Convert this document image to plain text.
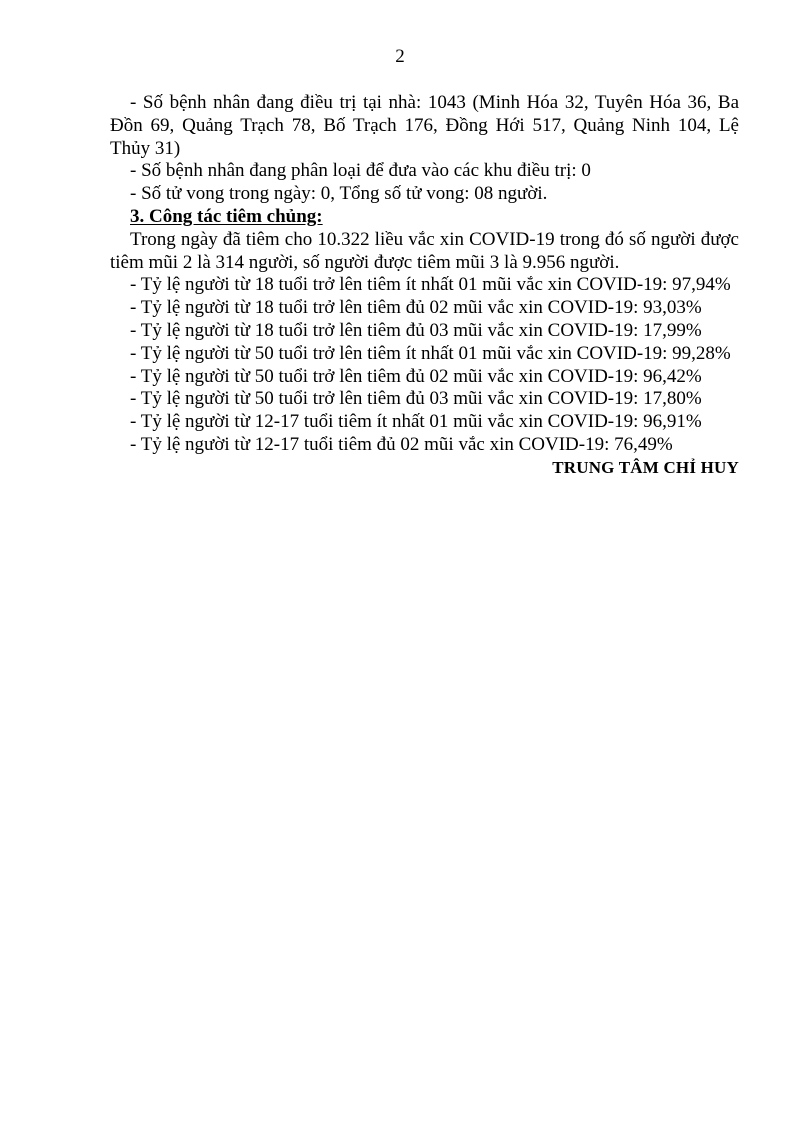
2

- Số bệnh nhân đang điều trị tại nhà: 1043 (Minh Hóa 32, Tuyên Hóa 36, Ba Đồn 69, Quảng Trạch 78, Bố Trạch 176, Đồng Hới 517, Quảng Ninh 104, Lệ Thủy 31)

- Số bệnh nhân đang phân loại để đưa vào các khu điều trị: 0

- Số tử vong trong ngày: 0, Tổng số tử vong: 08 người.

3. Công tác tiêm chủng:

Trong ngày đã tiêm cho 10.322 liều vắc xin COVID-19 trong đó số người được tiêm mũi 2 là 314 người, số người được tiêm mũi 3 là 9.956 người.

- Tỷ lệ người từ 18 tuổi trở lên tiêm ít nhất 01 mũi vắc xin COVID-19: 97,94%

- Tỷ lệ người từ 18 tuổi trở lên tiêm đủ 02 mũi vắc xin COVID-19: 93,03%

- Tỷ lệ người từ 18 tuổi trở lên tiêm đủ 03 mũi vắc xin COVID-19: 17,99%

- Tỷ lệ người từ 50 tuổi trở lên tiêm ít nhất 01 mũi vắc xin COVID-19: 99,28%

- Tỷ lệ người từ 50 tuổi trở lên tiêm đủ 02 mũi vắc xin COVID-19: 96,42%

- Tỷ lệ người từ 50 tuổi trở lên tiêm đủ 03 mũi vắc xin COVID-19: 17,80%

- Tỷ lệ người từ 12-17 tuổi tiêm ít nhất 01 mũi vắc xin COVID-19: 96,91%

- Tỷ lệ người từ 12-17 tuổi tiêm đủ 02 mũi vắc xin COVID-19: 76,49%

TRUNG TÂM CHỈ HUY
